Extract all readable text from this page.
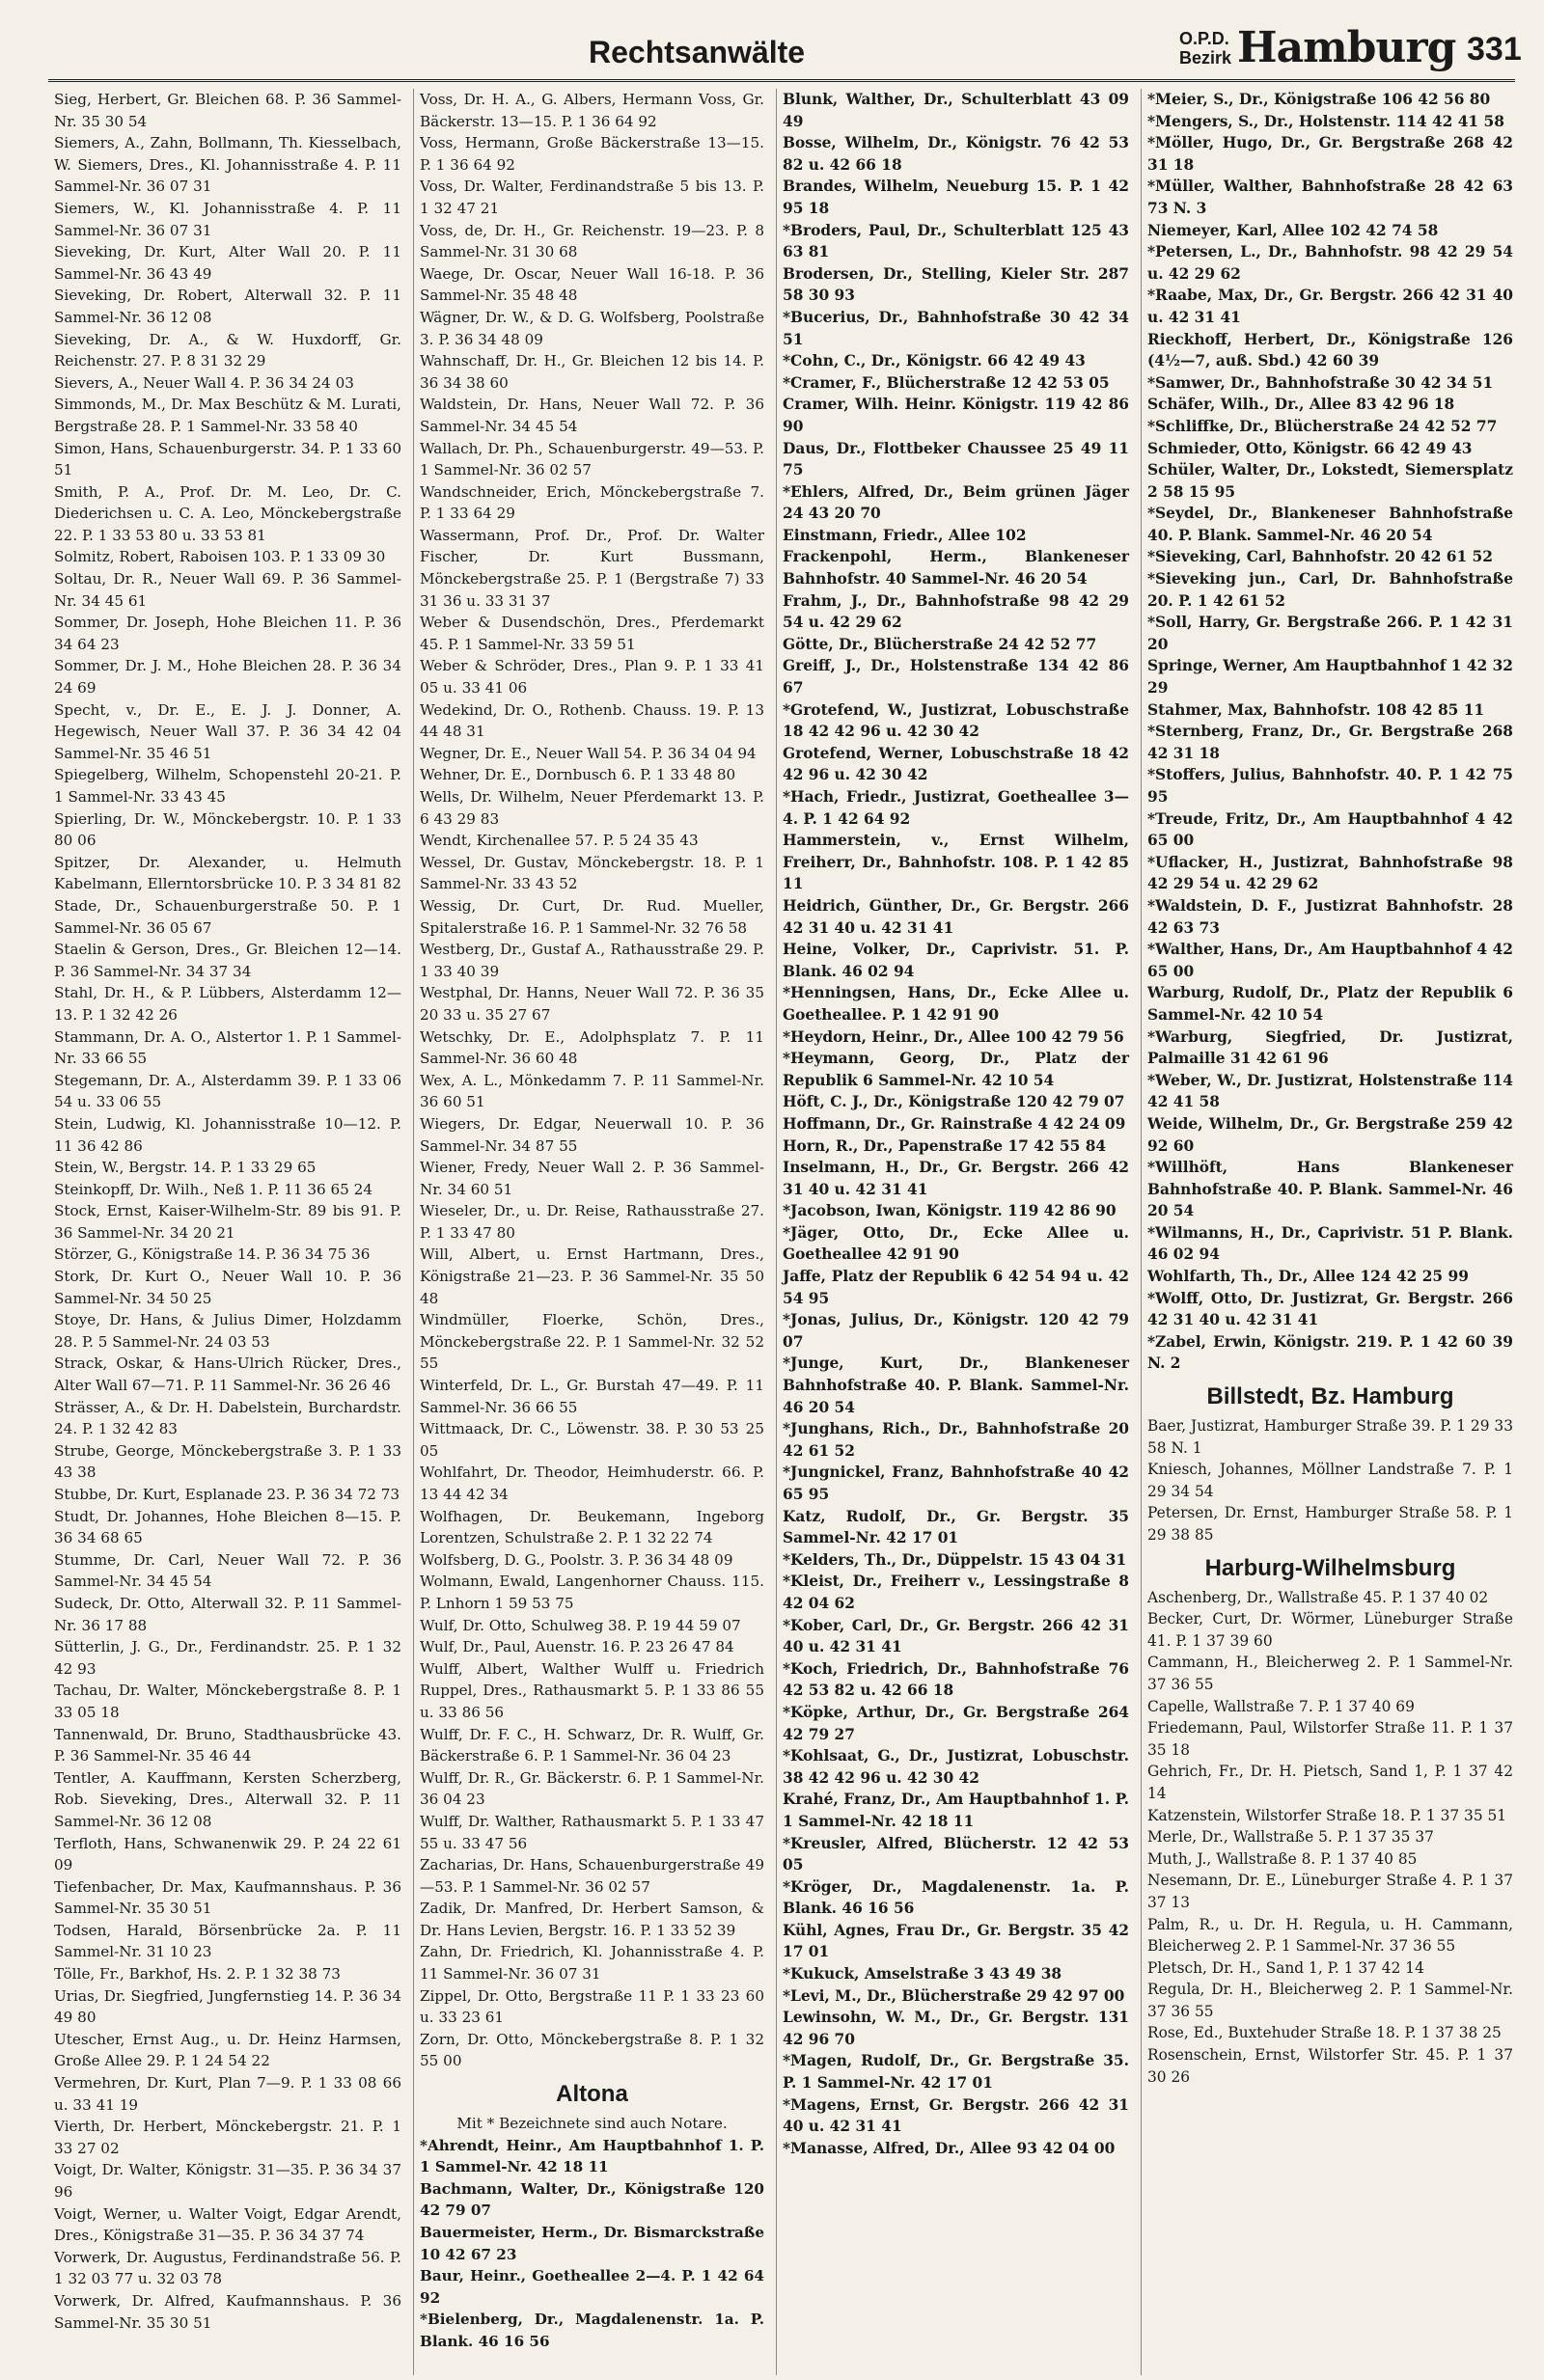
Rechtsanwälte	O.P.D.
Bezirk Hamburg 331

Sieg, Herbert, Gr. Bleichen 68. P. 36 Sammel-Nr. 35 30 54

Siemers, A., Zahn, Bollmann, Th. Kiesselbach, W. Siemers, Dres., Kl. Johannisstraße 4. P. 11 Sammel-Nr. 36 07 31

Siemers, W., Kl. Johannisstraße 4. P. 11 Sammel-Nr. 36 07 31

Sieveking, Dr. Kurt, Alter Wall 20. P. 11 Sammel-Nr. 36 43 49

Sieveking, Dr. Robert, Alterwall 32. P. 11 Sammel-Nr. 36 12 08

Sieveking, Dr. A., & W. Huxdorff, Gr. Reichenstr. 27. P. 8 31 32 29

Sievers, A., Neuer Wall 4. P. 36 34 24 03

Simmonds, M., Dr. Max Beschütz & M. Lurati, Bergstraße 28. P. 1 Sammel-Nr. 33 58 40

Simon, Hans, Schauenburgerstr. 34. P. 1 33 60 51

Smith, P. A., Prof. Dr. M. Leo, Dr. C. Diederichsen u. C. A. Leo, Mönckebergstraße 22. P. 1 33 53 80 u. 33 53 81

Solmitz, Robert, Raboisen 103. P. 1 33 09 30

Soltau, Dr. R., Neuer Wall 69. P. 36 Sammel-Nr. 34 45 61

Sommer, Dr. Joseph, Hohe Bleichen 11. P. 36 34 64 23

Sommer, Dr. J. M., Hohe Bleichen 28. P. 36 34 24 69

Specht, v., Dr. E., E. J. J. Donner, A. Hegewisch, Neuer Wall 37. P. 36 34 42 04 Sammel-Nr. 35 46 51

Spiegelberg, Wilhelm, Schopenstehl 20-21. P. 1 Sammel-Nr. 33 43 45

Spierling, Dr. W., Mönckebergstr. 10. P. 1 33 80 06

Spitzer, Dr. Alexander, u. Helmuth Kabelmann, Ellerntorsbrücke 10. P. 3 34 81 82

Stade, Dr., Schauenburgerstraße 50. P. 1 Sammel-Nr. 36 05 67

Staelin & Gerson, Dres., Gr. Bleichen 12—14. P. 36 Sammel-Nr. 34 37 34

Stahl, Dr. H., & P. Lübbers, Alsterdamm 12—13. P. 1 32 42 26

Stammann, Dr. A. O., Alstertor 1. P. 1 Sammel-Nr. 33 66 55

Stegemann, Dr. A., Alsterdamm 39. P. 1 33 06 54 u. 33 06 55

Stein, Ludwig, Kl. Johannisstraße 10—12. P. 11 36 42 86

Stein, W., Bergstr. 14. P. 1 33 29 65

Steinkopff, Dr. Wilh., Neß 1. P. 11 36 65 24

Stock, Ernst, Kaiser-Wilhelm-Str. 89 bis 91. P. 36 Sammel-Nr. 34 20 21

Störzer, G., Königstraße 14. P. 36 34 75 36

Stork, Dr. Kurt O., Neuer Wall 10. P. 36 Sammel-Nr. 34 50 25

Stoye, Dr. Hans, & Julius Dimer, Holzdamm 28. P. 5 Sammel-Nr. 24 03 53

Strack, Oskar, & Hans-Ulrich Rücker, Dres., Alter Wall 67—71. P. 11 Sammel-Nr. 36 26 46

Strässer, A., & Dr. H. Dabelstein, Burchardstr. 24. P. 1 32 42 83

Strube, George, Mönckebergstraße 3. P. 1 33 43 38

Stubbe, Dr. Kurt, Esplanade 23. P. 36 34 72 73

Studt, Dr. Johannes, Hohe Bleichen 8—15. P. 36 34 68 65

Stumme, Dr. Carl, Neuer Wall 72. P. 36 Sammel-Nr. 34 45 54

Sudeck, Dr. Otto, Alterwall 32. P. 11 Sammel-Nr. 36 17 88

Sütterlin, J. G., Dr., Ferdinandstr. 25. P. 1 32 42 93

Tachau, Dr. Walter, Mönckebergstraße 8. P. 1 33 05 18

Tannenwald, Dr. Bruno, Stadthausbrücke 43. P. 36 Sammel-Nr. 35 46 44

Tentler, A. Kauffmann, Kersten Scherzberg, Rob. Sieveking, Dres., Alterwall 32. P. 11 Sammel-Nr. 36 12 08

Terfloth, Hans, Schwanenwik 29. P. 24 22 61 09

Tiefenbacher, Dr. Max, Kaufmannshaus. P. 36 Sammel-Nr. 35 30 51

Todsen, Harald, Börsenbrücke 2a. P. 11 Sammel-Nr. 31 10 23

Tölle, Fr., Barkhof, Hs. 2. P. 1 32 38 73

Urias, Dr. Siegfried, Jungfernstieg 14. P. 36 34 49 80

Utescher, Ernst Aug., u. Dr. Heinz Harmsen, Große Allee 29. P. 1 24 54 22

Vermehren, Dr. Kurt, Plan 7—9. P. 1 33 08 66 u. 33 41 19

Vierth, Dr. Herbert, Mönckebergstr. 21. P. 1 33 27 02

Voigt, Dr. Walter, Königstr. 31—35. P. 36 34 37 96

Voigt, Werner, u. Walter Voigt, Edgar Arendt, Dres., Königstraße 31—35. P. 36 34 37 74

Vorwerk, Dr. Augustus, Ferdinandstraße 56. P. 1 32 03 77 u. 32 03 78

Vorwerk, Dr. Alfred, Kaufmannshaus. P. 36 Sammel-Nr. 35 30 51

Voss, Dr. H. A., G. Albers, Hermann Voss, Gr. Bäckerstr. 13—15. P. 1 36 64 92

Voss, Hermann, Große Bäckerstraße 13—15. P. 1 36 64 92

Voss, Dr. Walter, Ferdinandstraße 5 bis 13. P. 1 32 47 21

Voss, de, Dr. H., Gr. Reichenstr. 19—23. P. 8 Sammel-Nr. 31 30 68

Waege, Dr. Oscar, Neuer Wall 16-18. P. 36 Sammel-Nr. 35 48 48

Wägner, Dr. W., & D. G. Wolfsberg, Poolstraße 3. P. 36 34 48 09

Wahnschaff, Dr. H., Gr. Bleichen 12 bis 14. P. 36 34 38 60

Waldstein, Dr. Hans, Neuer Wall 72. P. 36 Sammel-Nr. 34 45 54

Wallach, Dr. Ph., Schauenburgerstr. 49—53. P. 1 Sammel-Nr. 36 02 57

Wandschneider, Erich, Mönckebergstraße 7. P. 1 33 64 29

Wassermann, Prof. Dr., Prof. Dr. Walter Fischer, Dr. Kurt Bussmann, Mönckebergstraße 25. P. 1 (Bergstraße 7) 33 31 36 u. 33 31 37

Weber & Dusendschön, Dres., Pferdemarkt 45. P. 1 Sammel-Nr. 33 59 51

Weber & Schröder, Dres., Plan 9. P. 1 33 41 05 u. 33 41 06

Wedekind, Dr. O., Rothenb. Chauss. 19. P. 13 44 48 31

Wegner, Dr. E., Neuer Wall 54. P. 36 34 04 94

Wehner, Dr. E., Dornbusch 6. P. 1 33 48 80

Wells, Dr. Wilhelm, Neuer Pferdemarkt 13. P. 6 43 29 83

Wendt, Kirchenallee 57. P. 5 24 35 43

Wessel, Dr. Gustav, Mönckebergstr. 18. P. 1 Sammel-Nr. 33 43 52

Wessig, Dr. Curt, Dr. Rud. Mueller, Spitalerstraße 16. P. 1 Sammel-Nr. 32 76 58

Westberg, Dr., Gustaf A., Rathausstraße 29. P. 1 33 40 39

Westphal, Dr. Hanns, Neuer Wall 72. P. 36 35 20 33 u. 35 27 67

Wetschky, Dr. E., Adolphsplatz 7. P. 11 Sammel-Nr. 36 60 48

Wex, A. L., Mönkedamm 7. P. 11 Sammel-Nr. 36 60 51

Wiegers, Dr. Edgar, Neuerwall 10. P. 36 Sammel-Nr. 34 87 55

Wiener, Fredy, Neuer Wall 2. P. 36 Sammel-Nr. 34 60 51

Wieseler, Dr., u. Dr. Reise, Rathausstraße 27. P. 1 33 47 80

Will, Albert, u. Ernst Hartmann, Dres., Königstraße 21—23. P. 36 Sammel-Nr. 35 50 48

Windmüller, Floerke, Schön, Dres., Mönckebergstraße 22. P. 1 Sammel-Nr. 32 52 55

Winterfeld, Dr. L., Gr. Burstah 47—49. P. 11 Sammel-Nr. 36 66 55

Wittmaack, Dr. C., Löwenstr. 38. P. 30 53 25 05

Wohlfahrt, Dr. Theodor, Heimhuderstr. 66. P. 13 44 42 34

Wolfhagen, Dr. Beukemann, Ingeborg Lorentzen, Schulstraße 2. P. 1 32 22 74

Wolfsberg, D. G., Poolstr. 3. P. 36 34 48 09

Wolmann, Ewald, Langenhorner Chauss. 115. P. Lnhorn 1 59 53 75

Wulf, Dr. Otto, Schulweg 38. P. 19 44 59 07

Wulf, Dr., Paul, Auenstr. 16. P. 23 26 47 84

Wulff, Albert, Walther Wulff u. Friedrich Ruppel, Dres., Rathausmarkt 5. P. 1 33 86 55 u. 33 86 56

Wulff, Dr. F. C., H. Schwarz, Dr. R. Wulff, Gr. Bäckerstraße 6. P. 1 Sammel-Nr. 36 04 23

Wulff, Dr. R., Gr. Bäckerstr. 6. P. 1 Sammel-Nr. 36 04 23

Wulff, Dr. Walther, Rathausmarkt 5. P. 1 33 47 55 u. 33 47 56

Zacharias, Dr. Hans, Schauenburgerstraße 49—53. P. 1 Sammel-Nr. 36 02 57

Zadik, Dr. Manfred, Dr. Herbert Samson, & Dr. Hans Levien, Bergstr. 16. P. 1 33 52 39

Zahn, Dr. Friedrich, Kl. Johannisstraße 4. P. 11 Sammel-Nr. 36 07 31

Zippel, Dr. Otto, Bergstraße 11 P. 1 33 23 60 u. 33 23 61

Zorn, Dr. Otto, Mönckebergstraße 8. P. 1 32 55 00

Altona
Mit * Bezeichnete sind auch Notare.

*Ahrendt, Heinr., Am Hauptbahnhof 1. P. 1 Sammel-Nr. 42 18 11

Bachmann, Walter, Dr., Königstraße 120 42 79 07

Bauermeister, Herm., Dr. Bismarckstraße 10 42 67 23

Baur, Heinr., Goetheallee 2—4. P. 1 42 64 92

*Bielenberg, Dr., Magdalenenstr. 1a. P. Blank. 46 16 56

Blunk, Walther, Dr., Schulterblatt 43 09 49

Bosse, Wilhelm, Dr., Königstr. 76 42 53 82 u. 42 66 18

Brandes, Wilhelm, Neueburg 15. P. 1 42 95 18

*Broders, Paul, Dr., Schulterblatt 125 43 63 81

Brodersen, Dr., Stelling, Kieler Str. 287 58 30 93

*Bucerius, Dr., Bahnhofstraße 30 42 34 51

*Cohn, C., Dr., Königstr. 66 42 49 43

*Cramer, F., Blücherstraße 12 42 53 05

Cramer, Wilh. Heinr. Königstr. 119 42 86 90

Daus, Dr., Flottbeker Chaussee 25 49 11 75

*Ehlers, Alfred, Dr., Beim grünen Jäger 24 43 20 70

Einstmann, Friedr., Allee 102

Frackenpohl, Herm., Blankeneser Bahnhofstr. 40 Sammel-Nr. 46 20 54

Frahm, J., Dr., Bahnhofstraße 98 42 29 54 u. 42 29 62

Götte, Dr., Blücherstraße 24 42 52 77

Greiff, J., Dr., Holstenstraße 134 42 86 67

*Grotefend, W., Justizrat, Lobuschstraße 18 42 42 96 u. 42 30 42

Grotefend, Werner, Lobuschstraße 18 42 42 96 u. 42 30 42

*Hach, Friedr., Justizrat, Goetheallee 3—4. P. 1 42 64 92

Hammerstein, v., Ernst Wilhelm, Freiherr, Dr., Bahnhofstr. 108. P. 1 42 85 11

Heidrich, Günther, Dr., Gr. Bergstr. 266 42 31 40 u. 42 31 41

Heine, Volker, Dr., Caprivistr. 51. P. Blank. 46 02 94

*Henningsen, Hans, Dr., Ecke Allee u. Goetheallee. P. 1 42 91 90

*Heydorn, Heinr., Dr., Allee 100 42 79 56

*Heymann, Georg, Dr., Platz der Republik 6 Sammel-Nr. 42 10 54

Höft, C. J., Dr., Königstraße 120 42 79 07

Hoffmann, Dr., Gr. Rainstraße 4 42 24 09

Horn, R., Dr., Papenstraße 17 42 55 84

Inselmann, H., Dr., Gr. Bergstr. 266 42 31 40 u. 42 31 41

*Jacobson, Iwan, Königstr. 119 42 86 90

*Jäger, Otto, Dr., Ecke Allee u. Goetheallee 42 91 90

Jaffe, Platz der Republik 6 42 54 94 u. 42 54 95

*Jonas, Julius, Dr., Königstr. 120 42 79 07

*Junge, Kurt, Dr., Blankeneser Bahnhofstraße 40. P. Blank. Sammel-Nr. 46 20 54

*Junghans, Rich., Dr., Bahnhofstraße 20 42 61 52

*Jungnickel, Franz, Bahnhofstraße 40 42 65 95

Katz, Rudolf, Dr., Gr. Bergstr. 35 Sammel-Nr. 42 17 01

*Kelders, Th., Dr., Düppelstr. 15 43 04 31

*Kleist, Dr., Freiherr v., Lessingstraße 8 42 04 62

*Kober, Carl, Dr., Gr. Bergstr. 266 42 31 40 u. 42 31 41

*Koch, Friedrich, Dr., Bahnhofstraße 76 42 53 82 u. 42 66 18

*Köpke, Arthur, Dr., Gr. Bergstraße 264 42 79 27

*Kohlsaat, G., Dr., Justizrat, Lobuschstr. 38 42 42 96 u. 42 30 42

Krahé, Franz, Dr., Am Hauptbahnhof 1. P. 1 Sammel-Nr. 42 18 11

*Kreusler, Alfred, Blücherstr. 12 42 53 05

*Kröger, Dr., Magdalenenstr. 1a. P. Blank. 46 16 56

Kühl, Agnes, Frau Dr., Gr. Bergstr. 35 42 17 01

*Kukuck, Amselstraße 3 43 49 38

*Levi, M., Dr., Blücherstraße 29 42 97 00

Lewinsohn, W. M., Dr., Gr. Bergstr. 131 42 96 70

*Magen, Rudolf, Dr., Gr. Bergstraße 35. P. 1 Sammel-Nr. 42 17 01

*Magens, Ernst, Gr. Bergstr. 266 42 31 40 u. 42 31 41

*Manasse, Alfred, Dr., Allee 93 42 04 00

*Meier, S., Dr., Königstraße 106 42 56 80

*Mengers, S., Dr., Holstenstr. 114 42 41 58

*Möller, Hugo, Dr., Gr. Bergstraße 268 42 31 18

*Müller, Walther, Bahnhofstraße 28 42 63 73 N. 3

Niemeyer, Karl, Allee 102 42 74 58

*Petersen, L., Dr., Bahnhofstr. 98 42 29 54 u. 42 29 62

*Raabe, Max, Dr., Gr. Bergstr. 266 42 31 40 u. 42 31 41

Rieckhoff, Herbert, Dr., Königstraße 126 (4½—7, auß. Sbd.) 42 60 39

*Samwer, Dr., Bahnhofstraße 30 42 34 51

Schäfer, Wilh., Dr., Allee 83 42 96 18

*Schliffke, Dr., Blücherstraße 24 42 52 77

Schmieder, Otto, Königstr. 66 42 49 43

Schüler, Walter, Dr., Lokstedt, Siemersplatz 2 58 15 95

*Seydel, Dr., Blankeneser Bahnhofstraße 40. P. Blank. Sammel-Nr. 46 20 54

*Sieveking, Carl, Bahnhofstr. 20 42 61 52

*Sieveking jun., Carl, Dr. Bahnhofstraße 20. P. 1 42 61 52

*Soll, Harry, Gr. Bergstraße 266. P. 1 42 31 20

Springe, Werner, Am Hauptbahnhof 1 42 32 29

Stahmer, Max, Bahnhofstr. 108 42 85 11

*Sternberg, Franz, Dr., Gr. Bergstraße 268 42 31 18

*Stoffers, Julius, Bahnhofstr. 40. P. 1 42 75 95

*Treude, Fritz, Dr., Am Hauptbahnhof 4 42 65 00

*Uflacker, H., Justizrat, Bahnhofstraße 98 42 29 54 u. 42 29 62

*Waldstein, D. F., Justizrat Bahnhofstr. 28 42 63 73

*Walther, Hans, Dr., Am Hauptbahnhof 4 42 65 00

Warburg, Rudolf, Dr., Platz der Republik 6 Sammel-Nr. 42 10 54

*Warburg, Siegfried, Dr. Justizrat, Palmaille 31 42 61 96

*Weber, W., Dr. Justizrat, Holstenstraße 114 42 41 58

Weide, Wilhelm, Dr., Gr. Bergstraße 259 42 92 60

*Willhöft, Hans Blankeneser Bahnhofstraße 40. P. Blank. Sammel-Nr. 46 20 54

*Wilmanns, H., Dr., Caprivistr. 51 P. Blank. 46 02 94

Wohlfarth, Th., Dr., Allee 124 42 25 99

*Wolff, Otto, Dr. Justizrat, Gr. Bergstr. 266 42 31 40 u. 42 31 41

*Zabel, Erwin, Königstr. 219. P. 1 42 60 39 N. 2

Billstedt, Bz. Hamburg

Baer, Justizrat, Hamburger Straße 39. P. 1 29 33 58 N. 1

Kniesch, Johannes, Möllner Landstraße 7. P. 1 29 34 54

Petersen, Dr. Ernst, Hamburger Straße 58. P. 1 29 38 85

Harburg-Wilhelmsburg

Aschenberg, Dr., Wallstraße 45. P. 1 37 40 02

Becker, Curt, Dr. Wörmer, Lüneburger Straße 41. P. 1 37 39 60

Cammann, H., Bleicherweg 2. P. 1 Sammel-Nr. 37 36 55

Capelle, Wallstraße 7. P. 1 37 40 69

Friedemann, Paul, Wilstorfer Straße 11. P. 1 37 35 18

Gehrich, Fr., Dr. H. Pietsch, Sand 1, P. 1 37 42 14

Katzenstein, Wilstorfer Straße 18. P. 1 37 35 51

Merle, Dr., Wallstraße 5. P. 1 37 35 37

Muth, J., Wallstraße 8. P. 1 37 40 85

Nesemann, Dr. E., Lüneburger Straße 4. P. 1 37 37 13

Palm, R., u. Dr. H. Regula, u. H. Cammann, Bleicherweg 2. P. 1 Sammel-Nr. 37 36 55

Pletsch, Dr. H., Sand 1, P. 1 37 42 14

Regula, Dr. H., Bleicherweg 2. P. 1 Sammel-Nr. 37 36 55

Rose, Ed., Buxtehuder Straße 18. P. 1 37 38 25

Rosenschein, Ernst, Wilstorfer Str. 45. P. 1 37 30 26
